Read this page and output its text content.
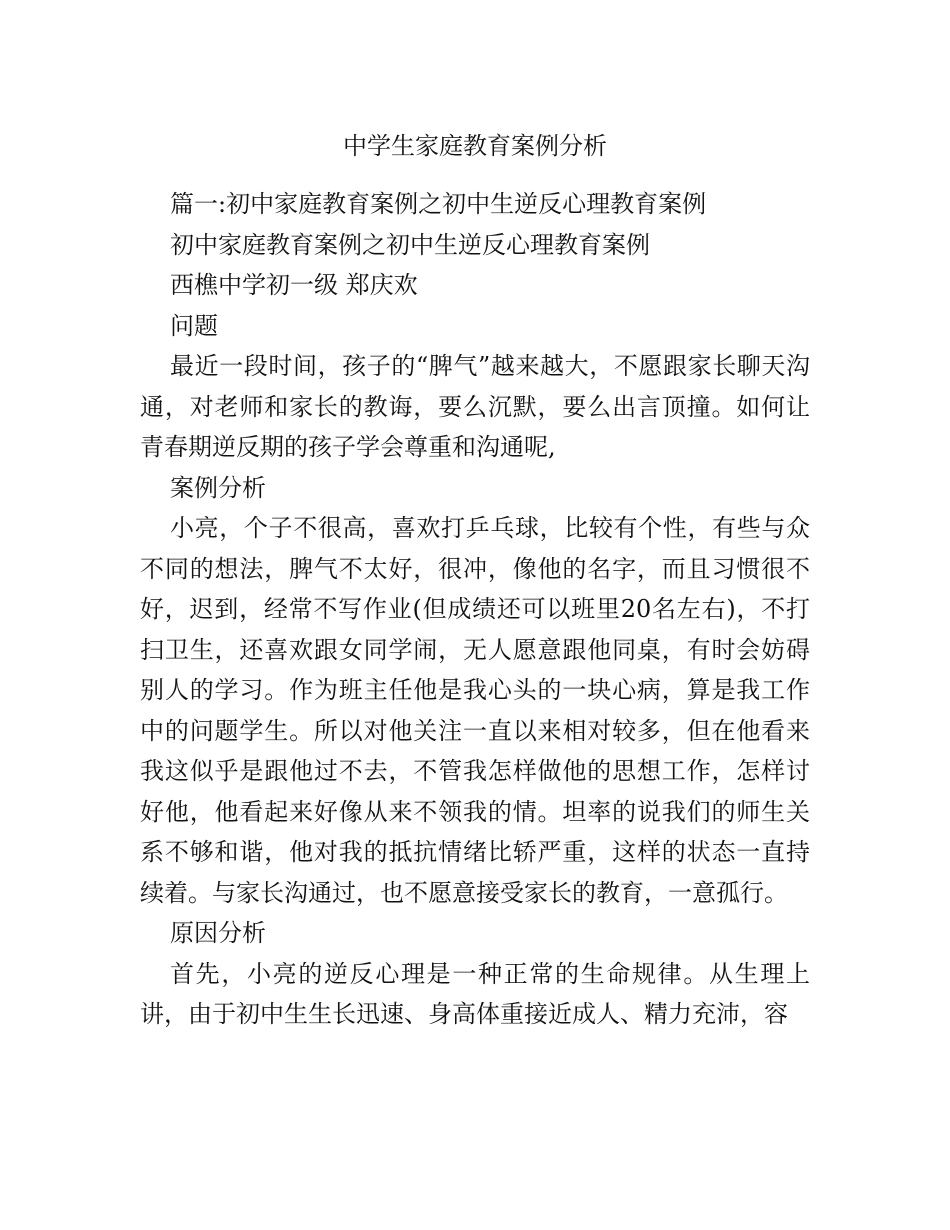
中学生家庭教育案例分析

篇一:初中家庭教育案例之初中生逆反心理教育案例

初中家庭教育案例之初中生逆反心理教育案例

西樵中学初一级 郑庆欢

问题

最近一段时间，孩子的“脾气”越来越大，不愿跟家长聊天沟通，对老师和家长的教诲，要么沉默，要么出言顶撞。如何让青春期逆反期的孩子学会尊重和沟通呢,

案例分析

小亮，个子不很高，喜欢打乒乓球，比较有个性，有些与众不同的想法，脾气不太好，很冲，像他的名字，而且习惯很不好，迟到，经常不写作业(但成绩还可以班里20名左右)，不打扫卫生，还喜欢跟女同学闹，无人愿意跟他同桌，有时会妨碍别人的学习。作为班主任他是我心头的一块心病，算是我工作中的问题学生。所以对他关注一直以来相对较多，但在他看来我这似乎是跟他过不去，不管我怎样做他的思想工作，怎样讨好他，他看起来好像从来不领我的情。坦率的说我们的师生关系不够和谐，他对我的抵抗情绪比轿严重，这样的状态一直持续着。与家长沟通过，也不愿意接受家长的教育，一意孤行。

原因分析

首先，小亮的逆反心理是一种正常的生命规律。从生理上讲，由于初中生生长迅速、身高体重接近成人、精力充沛，容
